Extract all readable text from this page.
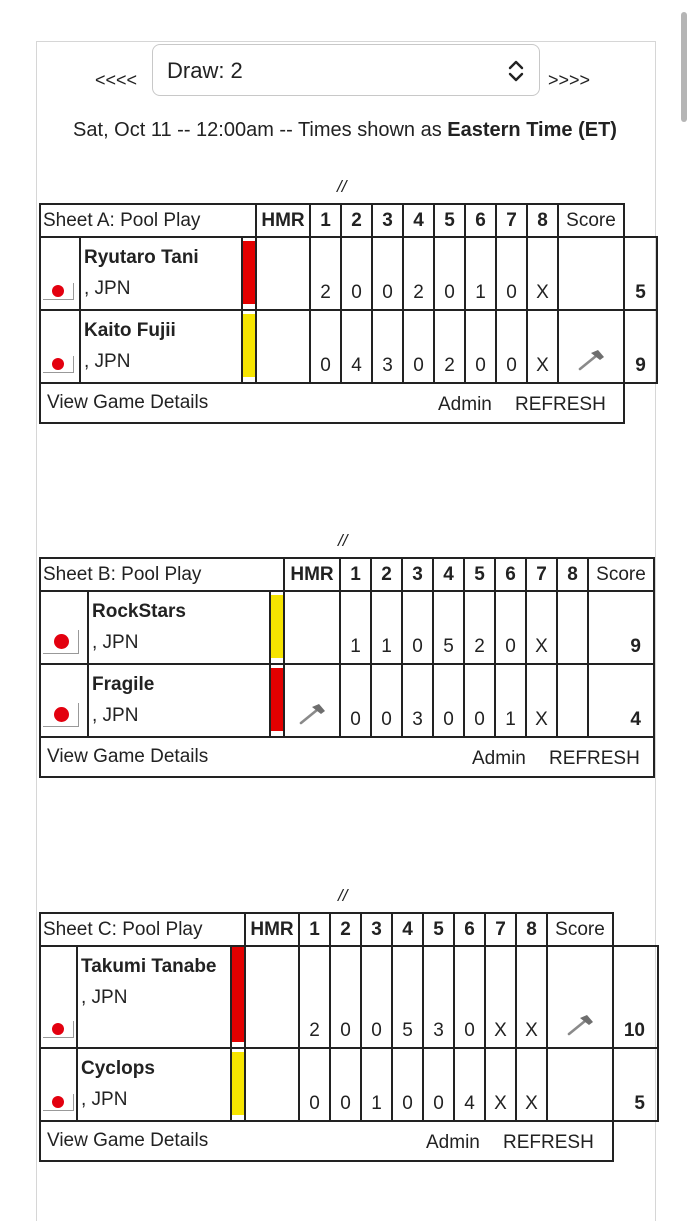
<<<< Draw: 2	>>>>
Sat, Oct 11 -- 12:00am -- Times shown as Eastern Time (ET)
//
Sheet A: Pool Play			HMR	1	2	3	4	5	6	7	8	Score	

	Ryutaro Tani
, JPN			2	0	0	2	0	1	0	X		5

	Kaito Fujii
, JPN			0	4	3	0	2	0	0	X		9

View Game Details Admin REFRESH													

//
Sheet B: Pool Play			HMR	1	2	3	4	5	6	7	8	Score

	RockStars
, JPN			1	1	0	5	2	0	X		9

	Fragile
, JPN			0	0	3	0	0	1	X		4

View Game Details Admin REFRESH												
//
Sheet C: Pool Play			HMR	1	2	3	4	5	6	7	8	Score	

	Takumi Tanabe
, JPN			2	0	0	5	3	0	X	X		10

	Cyclops
, JPN			0	0	1	0	0	4	X	X		5

View Game Details Admin REFRESH													
